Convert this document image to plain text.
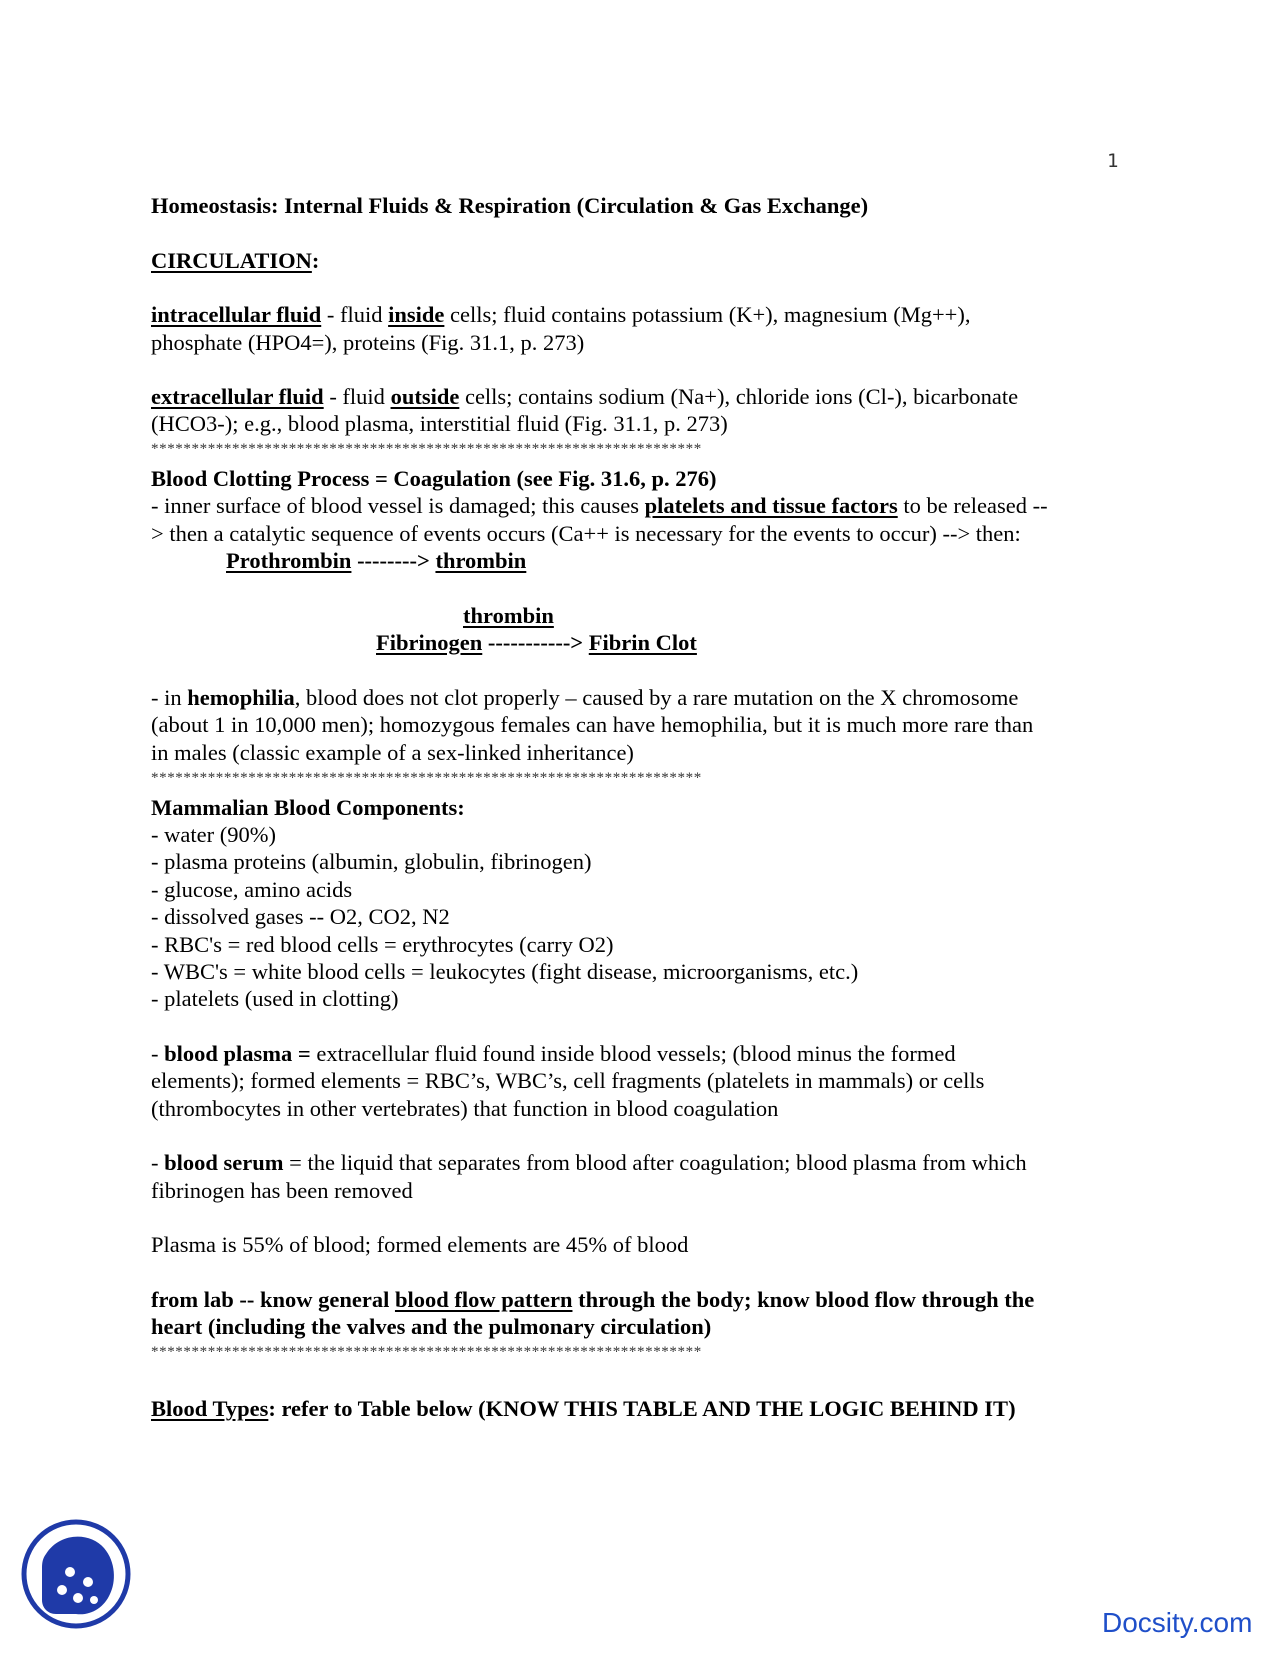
1
Homeostasis: Internal Fluids & Respiration (Circulation & Gas Exchange)
CIRCULATION:
intracellular fluid - fluid inside cells; fluid contains potassium (K+), magnesium (Mg++),
phosphate (HPO4=), proteins (Fig. 31.1, p. 273)
extracellular fluid - fluid outside cells; contains sodium (Na+), chloride ions (Cl-), bicarbonate
(HCO3-); e.g., blood plasma, interstitial fluid (Fig. 31.1, p. 273)
********************************************************************
Blood Clotting Process = Coagulation (see Fig. 31.6, p. 276)
- inner surface of blood vessel is damaged; this causes platelets and tissue factors to be released --
> then a catalytic sequence of events occurs (Ca++ is necessary for the events to occur) --> then:
Prothrombin --------> thrombin
thrombin
Fibrinogen -----------> Fibrin Clot
- in hemophilia, blood does not clot properly – caused by a rare mutation on the X chromosome
(about 1 in 10,000 men); homozygous females can have hemophilia, but it is much more rare than
in males (classic example of a sex-linked inheritance)
********************************************************************
Mammalian Blood Components:
- water (90%)
- plasma proteins (albumin, globulin, fibrinogen)
- glucose, amino acids
- dissolved gases -- O2, CO2, N2
- RBC's = red blood cells = erythrocytes (carry O2)
- WBC's = white blood cells = leukocytes (fight disease, microorganisms, etc.)
- platelets (used in clotting)
- blood plasma = extracellular fluid found inside blood vessels; (blood minus the formed
elements); formed elements = RBC’s, WBC’s, cell fragments (platelets in mammals) or cells
(thrombocytes in other vertebrates) that function in blood coagulation
- blood serum = the liquid that separates from blood after coagulation; blood plasma from which
fibrinogen has been removed
Plasma is 55% of blood; formed elements are 45% of blood
from lab -- know general blood flow pattern through the body; know blood flow through the
heart (including the valves and the pulmonary circulation)
********************************************************************
Blood Types: refer to Table below (KNOW THIS TABLE AND THE LOGIC BEHIND IT)
Docsity.com
